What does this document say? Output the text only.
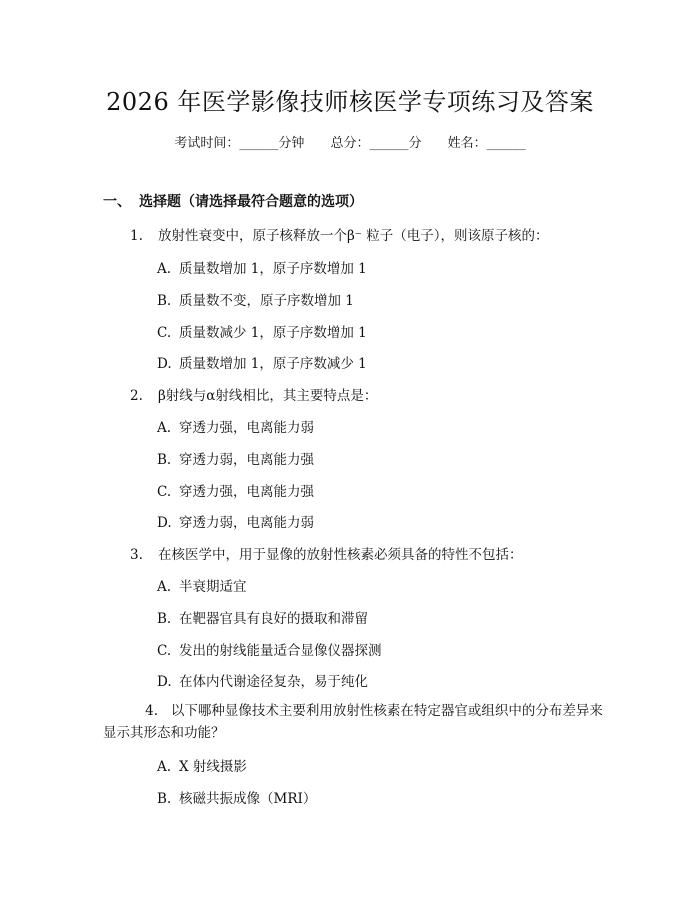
2026 年医学影像技师核医学专项练习及答案
考试时间：______分钟 总分：______分 姓名：______
一、 选择题（请选择最符合题意的选项）
1. 放射性衰变中，原子核释放一个β⁻ 粒子（电子），则该原子核的：
A. 质量数增加 1，原子序数增加 1
B. 质量数不变，原子序数增加 1
C. 质量数减少 1，原子序数增加 1
D. 质量数增加 1，原子序数减少 1
2. β射线与α射线相比，其主要特点是：
A. 穿透力强，电离能力弱
B. 穿透力弱，电离能力强
C. 穿透力强，电离能力强
D. 穿透力弱，电离能力弱
3. 在核医学中，用于显像的放射性核素必须具备的特性不包括：
A. 半衰期适宜
B. 在靶器官具有良好的摄取和滞留
C. 发出的射线能量适合显像仪器探测
D. 在体内代谢途径复杂，易于纯化
4. 以下哪种显像技术主要利用放射性核素在特定器官或组织中的分布差异来
显示其形态和功能？
A. X 射线摄影
B. 核磁共振成像（MRI）
